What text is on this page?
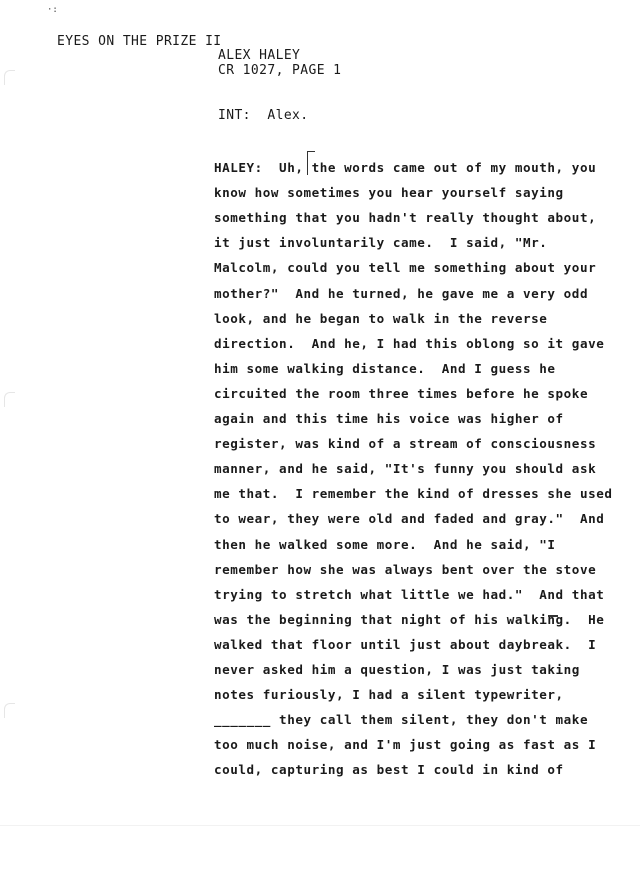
·:
EYES ON THE PRIZE II
ALEX HALEY
CR 1027, PAGE 1
INT:  Alex.
HALEY:  Uh, the words came out of my mouth, you
know how sometimes you hear yourself saying
something that you hadn't really thought about,
it just involuntarily came.  I said, "Mr.
Malcolm, could you tell me something about your
mother?"  And he turned, he gave me a very odd
look, and he began to walk in the reverse
direction.  And he, I had this oblong so it gave
him some walking distance.  And I guess he
circuited the room three times before he spoke
again and this time his voice was higher of
register, was kind of a stream of consciousness
manner, and he said, "It's funny you should ask
me that.  I remember the kind of dresses she used
to wear, they were old and faded and gray."  And
then he walked some more.  And he said, "I
remember how she was always bent over the stove
trying to stretch what little we had."  And that
was the beginning that night of his walking.  He
walked that floor until just about daybreak.  I
never asked him a question, I was just taking
notes furiously, I had a silent typewriter,
_______ they call them silent, they don't make
too much noise, and I'm just going as fast as I
could, capturing as best I could in kind of
